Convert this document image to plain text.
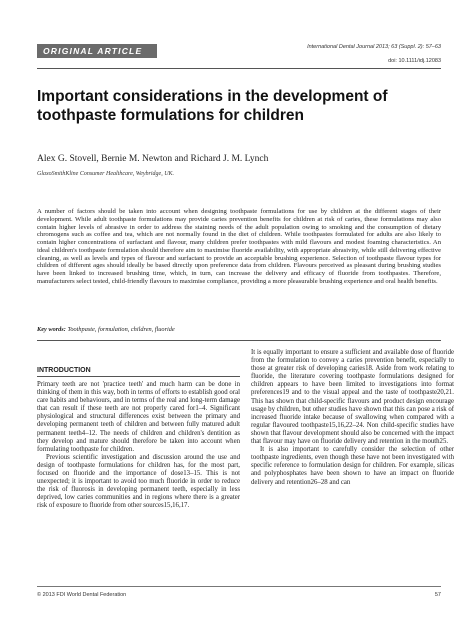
ORIGINAL ARTICLE	International Dental Journal 2013; 63 (Suppl. 2): 57–63
doi: 10.1111/idj.12083
Important considerations in the development of toothpaste formulations for children
Alex G. Stovell, Bernie M. Newton and Richard J. M. Lynch
GlaxoSmithKline Consumer Healthcare, Weybridge, UK.

A number of factors should be taken into account when designing toothpaste formulations for use by children at the different stages of their development. While adult toothpaste formulations may provide caries prevention benefits for children at risk of caries, these formulations may also contain higher levels of abrasive in order to address the staining needs of the adult population owing to smoking and the consumption of dietary chromogens such as coffee and tea, which are not normally found in the diet of children. While toothpastes formulated for adults are also likely to contain higher concentrations of surfactant and flavour, many children prefer toothpastes with mild flavours and modest foaming characteristics. An ideal children's toothpaste formulation should therefore aim to maximise fluoride availability, with appropriate abrasivity, while still delivering effective cleaning, as well as levels and types of flavour and surfactant to provide an acceptable brushing experience. Selection of toothpaste flavour types for children of different ages should ideally be based directly upon preference data from children. Flavours perceived as pleasant during brushing studies have been linked to increased brushing time, which, in turn, can increase the delivery and efficacy of fluoride from toothpastes. Therefore, manufacturers select tested, child-friendly flavours to maximise compliance, providing a more pleasurable brushing experience and oral health benefits.

Key words: Toothpaste, formulation, children, fluoride
INTRODUCTION

Primary teeth are not 'practice teeth' and much harm can be done in thinking of them in this way, both in terms of efforts to establish good oral care habits and behaviours, and in terms of the real and long-term damage that can result if these teeth are not properly cared for1–4. Significant physiological and structural differences exist between the primary and developing permanent teeth of children and between fully matured adult permanent teeth4–12. The needs of children and children's dentition as they develop and mature should therefore be taken into account when formulating toothpaste for children.

Previous scientific investigation and discussion around the use and design of toothpaste formulations for children has, for the most part, focused on fluoride and the importance of dose13–15. This is not unexpected; it is important to avoid too much fluoride in order to reduce the risk of fluorosis in developing permanent teeth, especially in less deprived, low caries communities and in regions where there is a greater risk of exposure to fluoride from other sources15,16,17.

It is equally important to ensure a sufficient and available dose of fluoride from the formulation to convey a caries prevention benefit, especially to those at greater risk of developing caries18. Aside from work relating to fluoride, the literature covering toothpaste formulations designed for children appears to have been limited to investigations into format preferences19 and to the visual appeal and the taste of toothpaste20,21. This has shown that child-specific flavours and product design encourage usage by children, but other studies have shown that this can pose a risk of increased fluoride intake because of swallowing when compared with a regular flavoured toothpaste15,16,22–24. Non child-specific studies have shown that flavour development should also be concerned with the impact that flavour may have on fluoride delivery and retention in the mouth25.

It is also important to carefully consider the selection of other toothpaste ingredients, even though these have not been investigated with specific reference to formulation design for children. For example, silicas and polyphosphates have been shown to have an impact on fluoride delivery and retention26–28 and can

© 2013 FDI World Dental Federation	57
